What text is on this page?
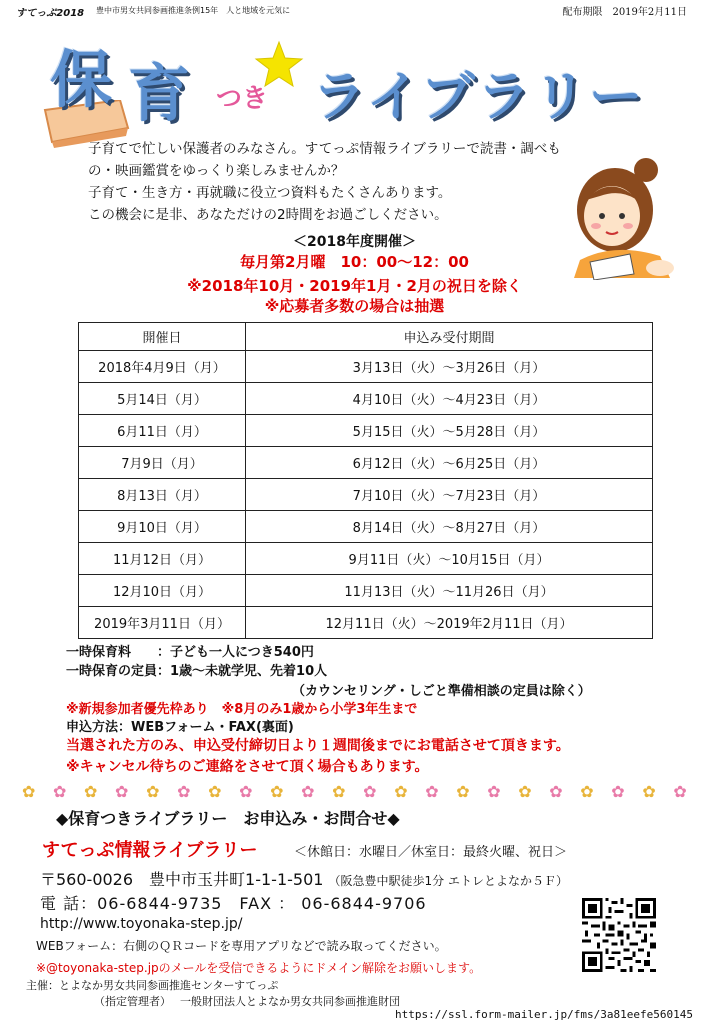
すてっぷ2018 豊中市男女共同参画推進条例15年　人と地域を元気に	配布期限　2019年2月11日
保 育 つき ライブラリー

子育てで忙しい保護者のみなさん。すてっぷ情報ライブラリーで読書・調べも

の・映画鑑賞をゆっくり楽しみませんか？

子育て・生き方・再就職に役立つ資料もたくさんあります。

この機会に是非、あなただけの2時間をお過ごしください。

＜2018年度開催＞
毎月第2月曜　10：00～12：00
※2018年10月・2019年1月・2月の祝日を除く
※応募者多数の場合は抽選
開催日	申込み受付期間
2018年4月9日（月）	3月13日（火）～3月26日（月）
5月14日（月）	4月10日（火）～4月23日（月）
6月11日（月）	5月15日（火）～5月28日（月）
7月9日（月）	6月12日（火）～6月25日（月）
8月13日（月）	7月10日（火）～7月23日（月）
9月10日（月）	8月14日（火）～8月27日（月）
11月12日（月）	9月11日（火）～10月15日（月）
12月10日（月）	11月13日（火）～11月26日（月）
2019年3月11日（月）	12月11日（火）～2019年2月11日（月）
一時保育料　　：子ども一人につき540円
一時保育の定員：1歳～未就学児、先着10人
（カウンセリング・しごと準備相談の定員は除く）
※新規参加者優先枠あり　※8月のみ1歳から小学3年生まで
申込方法：WEBフォーム・FAX(裏面)
当選された方のみ、申込受付締切日より１週間後までにお電話させて頂きます。
※キャンセル待ちのご連絡をさせて頂く場合もあります。
✿ ✿ ✿ ✿ ✿ ✿ ✿ ✿ ✿ ✿ ✿ ✿ ✿ ✿ ✿ ✿ ✿ ✿ ✿ ✿ ✿ ✿
◆保育つきライブラリー　お申込み・お問合せ◆
すてっぷ情報ライブラリー	＜休館日：水曜日／休室日：最終火曜、祝日＞
〒560-0026　豊中市玉井町1-1-1-501 （阪急豊中駅徒歩1分 エトレとよなか５Ｆ）
電 話：06-6844-9735　FAX ： 06-6844-9706
http://www.toyonaka-step.jp/
WEBフォーム：右側のＱＲコードを専用アプリなどで読み取ってください。
※@toyonaka-step.jpのメールを受信できるようにドメイン解除をお願いします。
主催：とよなか男女共同参画推進センターすてっぷ
（指定管理者）　 一般財団法人とよなか男女共同参画推進財団
https://ssl.form-mailer.jp/fms/3a81eefe560145
